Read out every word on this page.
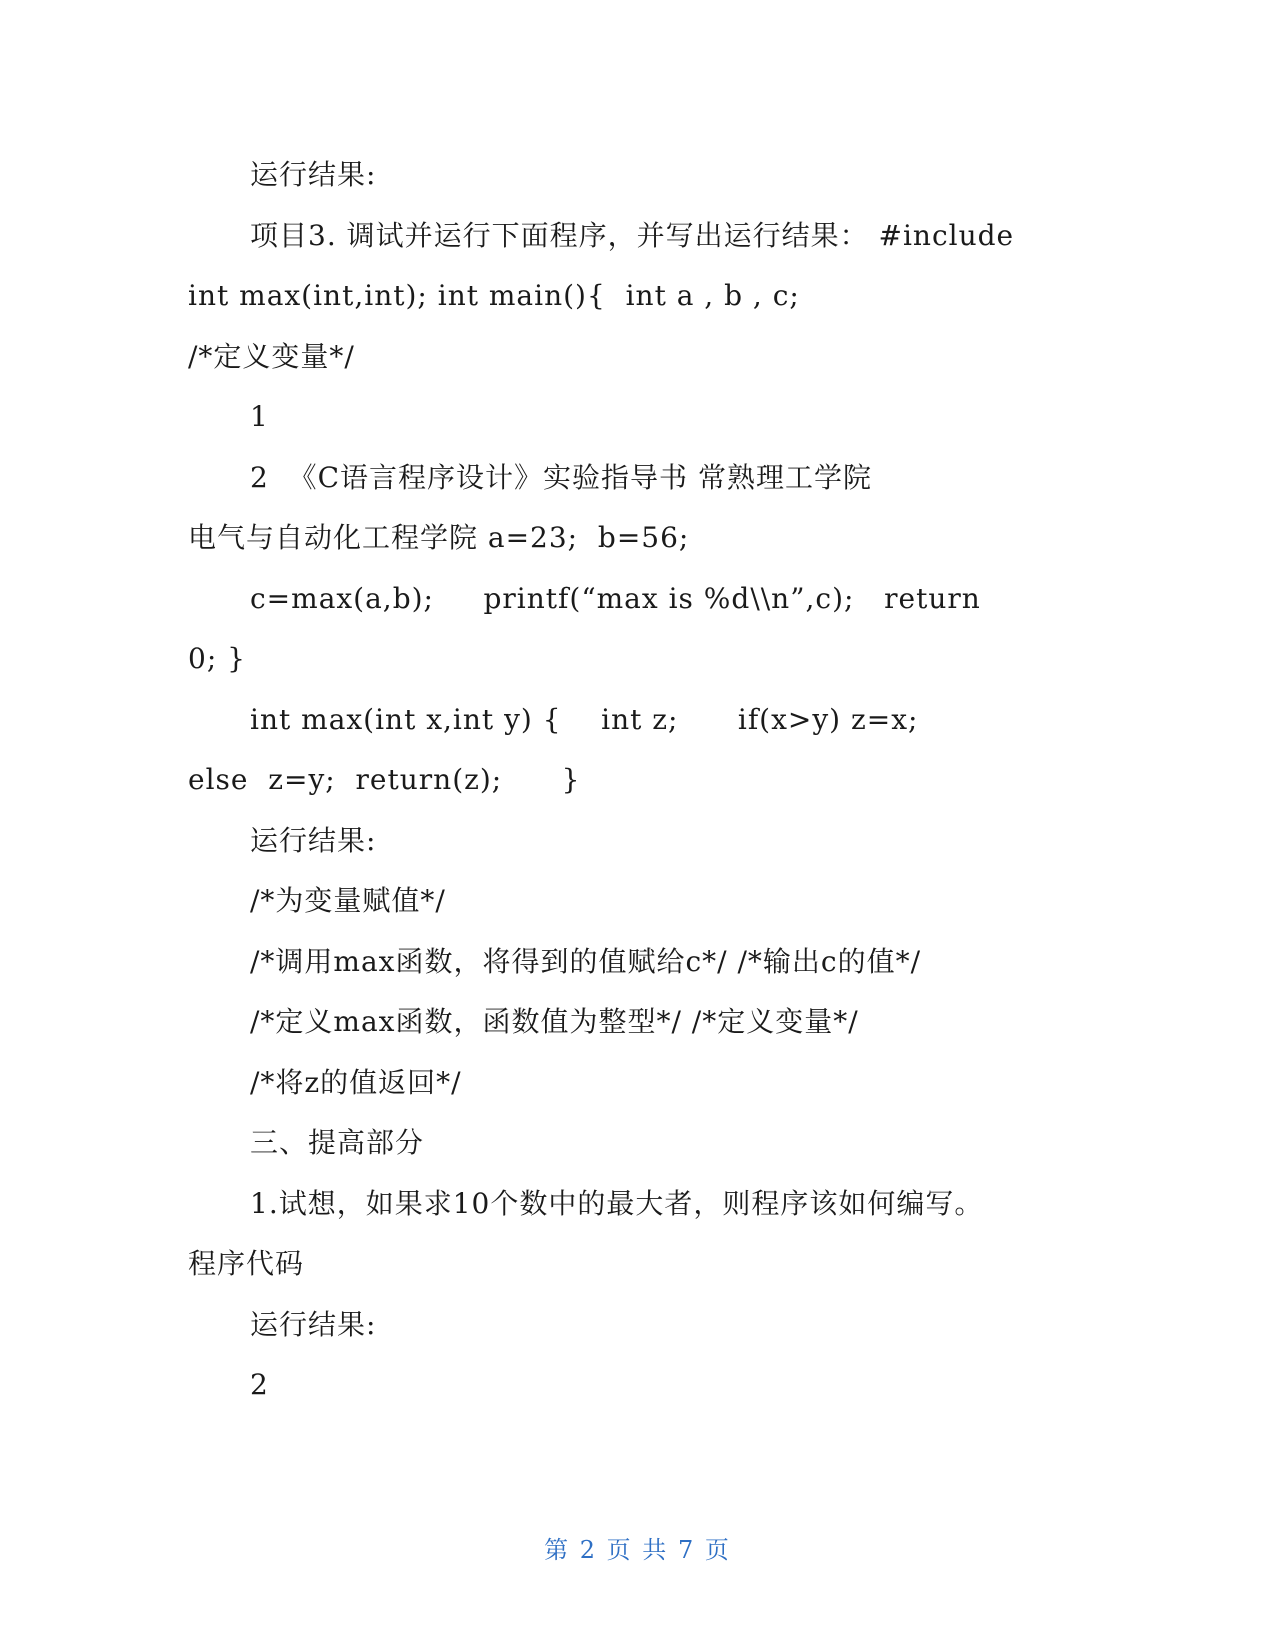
运行结果:
项目3. 调试并运行下面程序，并写出运行结果： #include
int max(int,int); int main(){  int a , b , c;
/*定义变量*/
1
2  《C语言程序设计》实验指导书 常熟理工学院
电气与自动化工程学院 a=23;  b=56;
c=max(a,b);     printf(“max is %d\\n”,c);   return
0; }
int max(int x,int y) {    int z;      if(x>y) z=x;
else  z=y;  return(z);      }
运行结果:
/*为变量赋值*/
/*调用max函数，将得到的值赋给c*/ /*输出c的值*/
/*定义max函数，函数值为整型*/ /*定义变量*/
/*将z的值返回*/
三、提高部分
1.试想，如果求10个数中的最大者，则程序该如何编写。
程序代码
运行结果:
2
第 2 页 共 7 页
